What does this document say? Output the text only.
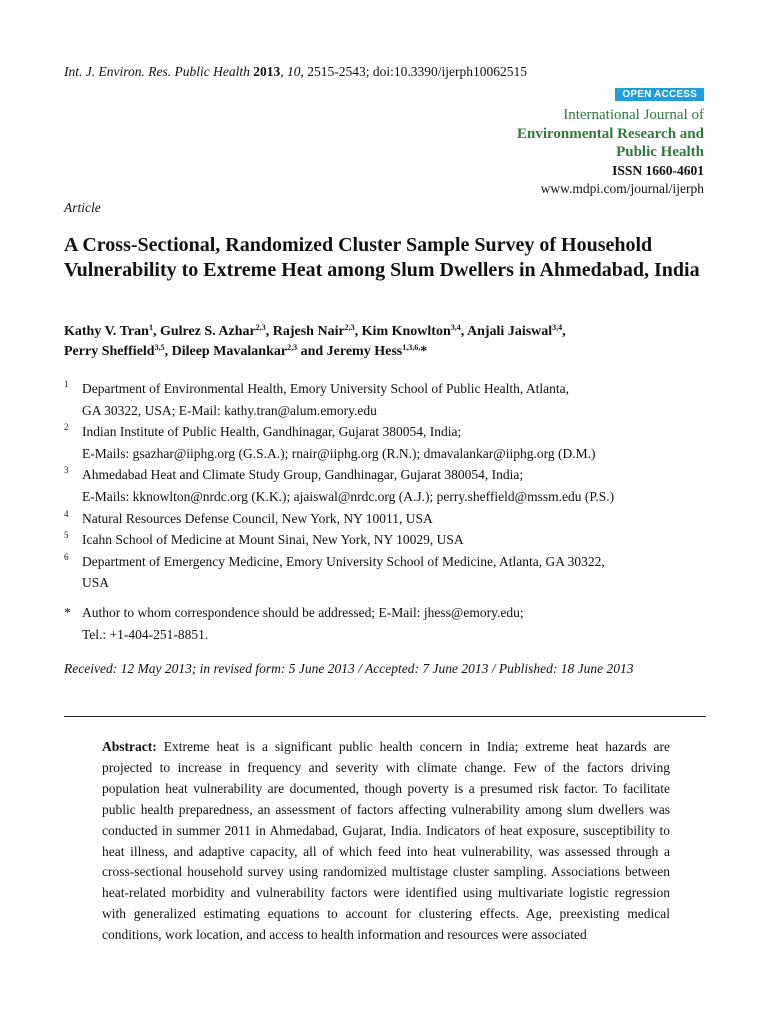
Int. J. Environ. Res. Public Health 2013, 10, 2515-2543; doi:10.3390/ijerph10062515
OPEN ACCESS
International Journal of
Environmental Research and
Public Health
ISSN 1660-4601
www.mdpi.com/journal/ijerph
Article
A Cross-Sectional, Randomized Cluster Sample Survey of Household Vulnerability to Extreme Heat among Slum Dwellers in Ahmedabad, India
Kathy V. Tran$^1$, Gulrez S. Azhar$^{2,3}$, Rajesh Nair$^{2,3}$, Kim Knowlton$^{3,4}$, Anjali Jaiswal$^{3,4}$,
Perry Sheffield$^{3,5}$, Dileep Mavalankar$^{2,3}$ and Jeremy Hess$^{1,3,6,}$*
1 Department of Environmental Health, Emory University School of Public Health, Atlanta,
GA 30322, USA; E-Mail: kathy.tran@alum.emory.edu
2 Indian Institute of Public Health, Gandhinagar, Gujarat 380054, India;
E-Mails: gsazhar@iiphg.org (G.S.A.); rnair@iiphg.org (R.N.); dmavalankar@iiphg.org (D.M.)
3 Ahmedabad Heat and Climate Study Group, Gandhinagar, Gujarat 380054, India;
E-Mails: kknowlton@nrdc.org (K.K.); ajaiswal@nrdc.org (A.J.); perry.sheffield@mssm.edu (P.S.)
4 Natural Resources Defense Council, New York, NY 10011, USA
5 Icahn School of Medicine at Mount Sinai, New York, NY 10029, USA
6 Department of Emergency Medicine, Emory University School of Medicine, Atlanta, GA 30322,
USA
* Author to whom correspondence should be addressed; E-Mail: jhess@emory.edu;
Tel.: +1-404-251-8851.
Received: 12 May 2013; in revised form: 5 June 2013 / Accepted: 7 June 2013 / Published: 18 June 2013
Abstract: Extreme heat is a significant public health concern in India; extreme heat hazards are projected to increase in frequency and severity with climate change. Few of the factors driving population heat vulnerability are documented, though poverty is a presumed risk factor. To facilitate public health preparedness, an assessment of factors affecting vulnerability among slum dwellers was conducted in summer 2011 in Ahmedabad, Gujarat, India. Indicators of heat exposure, susceptibility to heat illness, and adaptive capacity, all of which feed into heat vulnerability, was assessed through a cross-sectional household survey using randomized multistage cluster sampling. Associations between heat-related morbidity and vulnerability factors were identified using multivariate logistic regression with generalized estimating equations to account for clustering effects. Age, preexisting medical conditions, work location, and access to health information and resources were associated
